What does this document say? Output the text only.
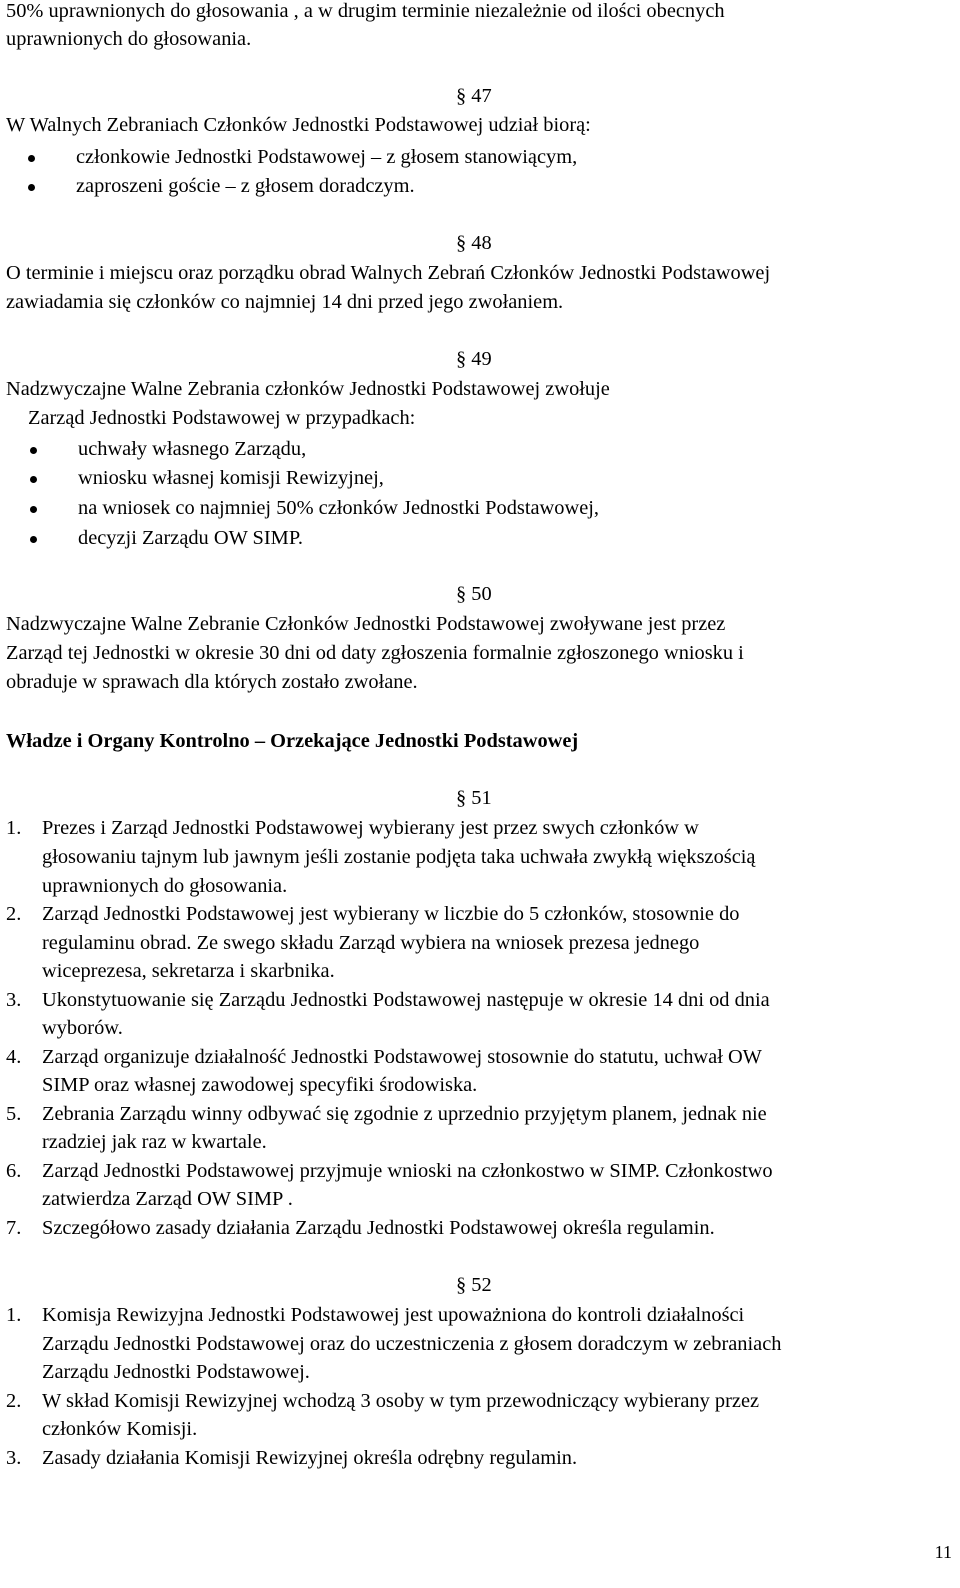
50% uprawnionych do głosowania , a w drugim terminie niezależnie od ilości obecnych
uprawnionych do głosowania.
§ 47
W Walnych Zebraniach Członków Jednostki Podstawowej udział biorą:
członkowie Jednostki Podstawowej – z głosem stanowiącym,
zaproszeni goście – z głosem doradczym.
§ 48
O terminie i miejscu oraz porządku obrad Walnych Zebrań Członków Jednostki Podstawowej
zawiadamia się członków co najmniej 14 dni przed jego zwołaniem.
§ 49
Nadzwyczajne Walne Zebrania członków Jednostki Podstawowej zwołuje
Zarząd Jednostki Podstawowej w przypadkach:
uchwały własnego Zarządu,
wniosku własnej komisji Rewizyjnej,
na wniosek co najmniej 50% członków Jednostki Podstawowej,
decyzji Zarządu OW SIMP.
§ 50
Nadzwyczajne Walne Zebranie Członków Jednostki Podstawowej zwoływane jest przez
Zarząd tej Jednostki w okresie 30 dni od daty zgłoszenia formalnie zgłoszonego wniosku i
obraduje w sprawach dla których zostało zwołane.
Władze i Organy Kontrolno – Orzekające Jednostki Podstawowej
§ 51
1.	Prezes i Zarząd Jednostki Podstawowej wybierany jest przez swych członków w
głosowaniu tajnym lub jawnym jeśli zostanie podjęta taka uchwała zwykłą większością
uprawnionych do głosowania.
2.	Zarząd Jednostki Podstawowej jest wybierany w liczbie do 5 członków, stosownie do
regulaminu obrad. Ze swego składu Zarząd wybiera na wniosek prezesa jednego
wiceprezesa, sekretarza i skarbnika.
3.	Ukonstytuowanie się Zarządu Jednostki Podstawowej następuje w okresie 14 dni od dnia
wyborów.
4.	Zarząd organizuje działalność Jednostki Podstawowej stosownie do statutu, uchwał OW
SIMP oraz własnej zawodowej specyfiki środowiska.
5.	Zebrania Zarządu winny odbywać się zgodnie z uprzednio przyjętym planem, jednak nie
rzadziej jak raz w kwartale.
6.	Zarząd Jednostki Podstawowej przyjmuje wnioski na członkostwo w SIMP. Członkostwo
zatwierdza Zarząd OW SIMP .
7.	Szczegółowo zasady działania Zarządu Jednostki Podstawowej określa regulamin.
§ 52
1.	Komisja Rewizyjna Jednostki Podstawowej jest upoważniona do kontroli działalności
Zarządu Jednostki Podstawowej oraz do uczestniczenia z głosem doradczym w zebraniach
Zarządu Jednostki Podstawowej.
2.	W skład Komisji Rewizyjnej wchodzą 3 osoby w tym przewodniczący wybierany przez
członków Komisji.
3.	Zasady działania Komisji Rewizyjnej określa odrębny regulamin.
11
